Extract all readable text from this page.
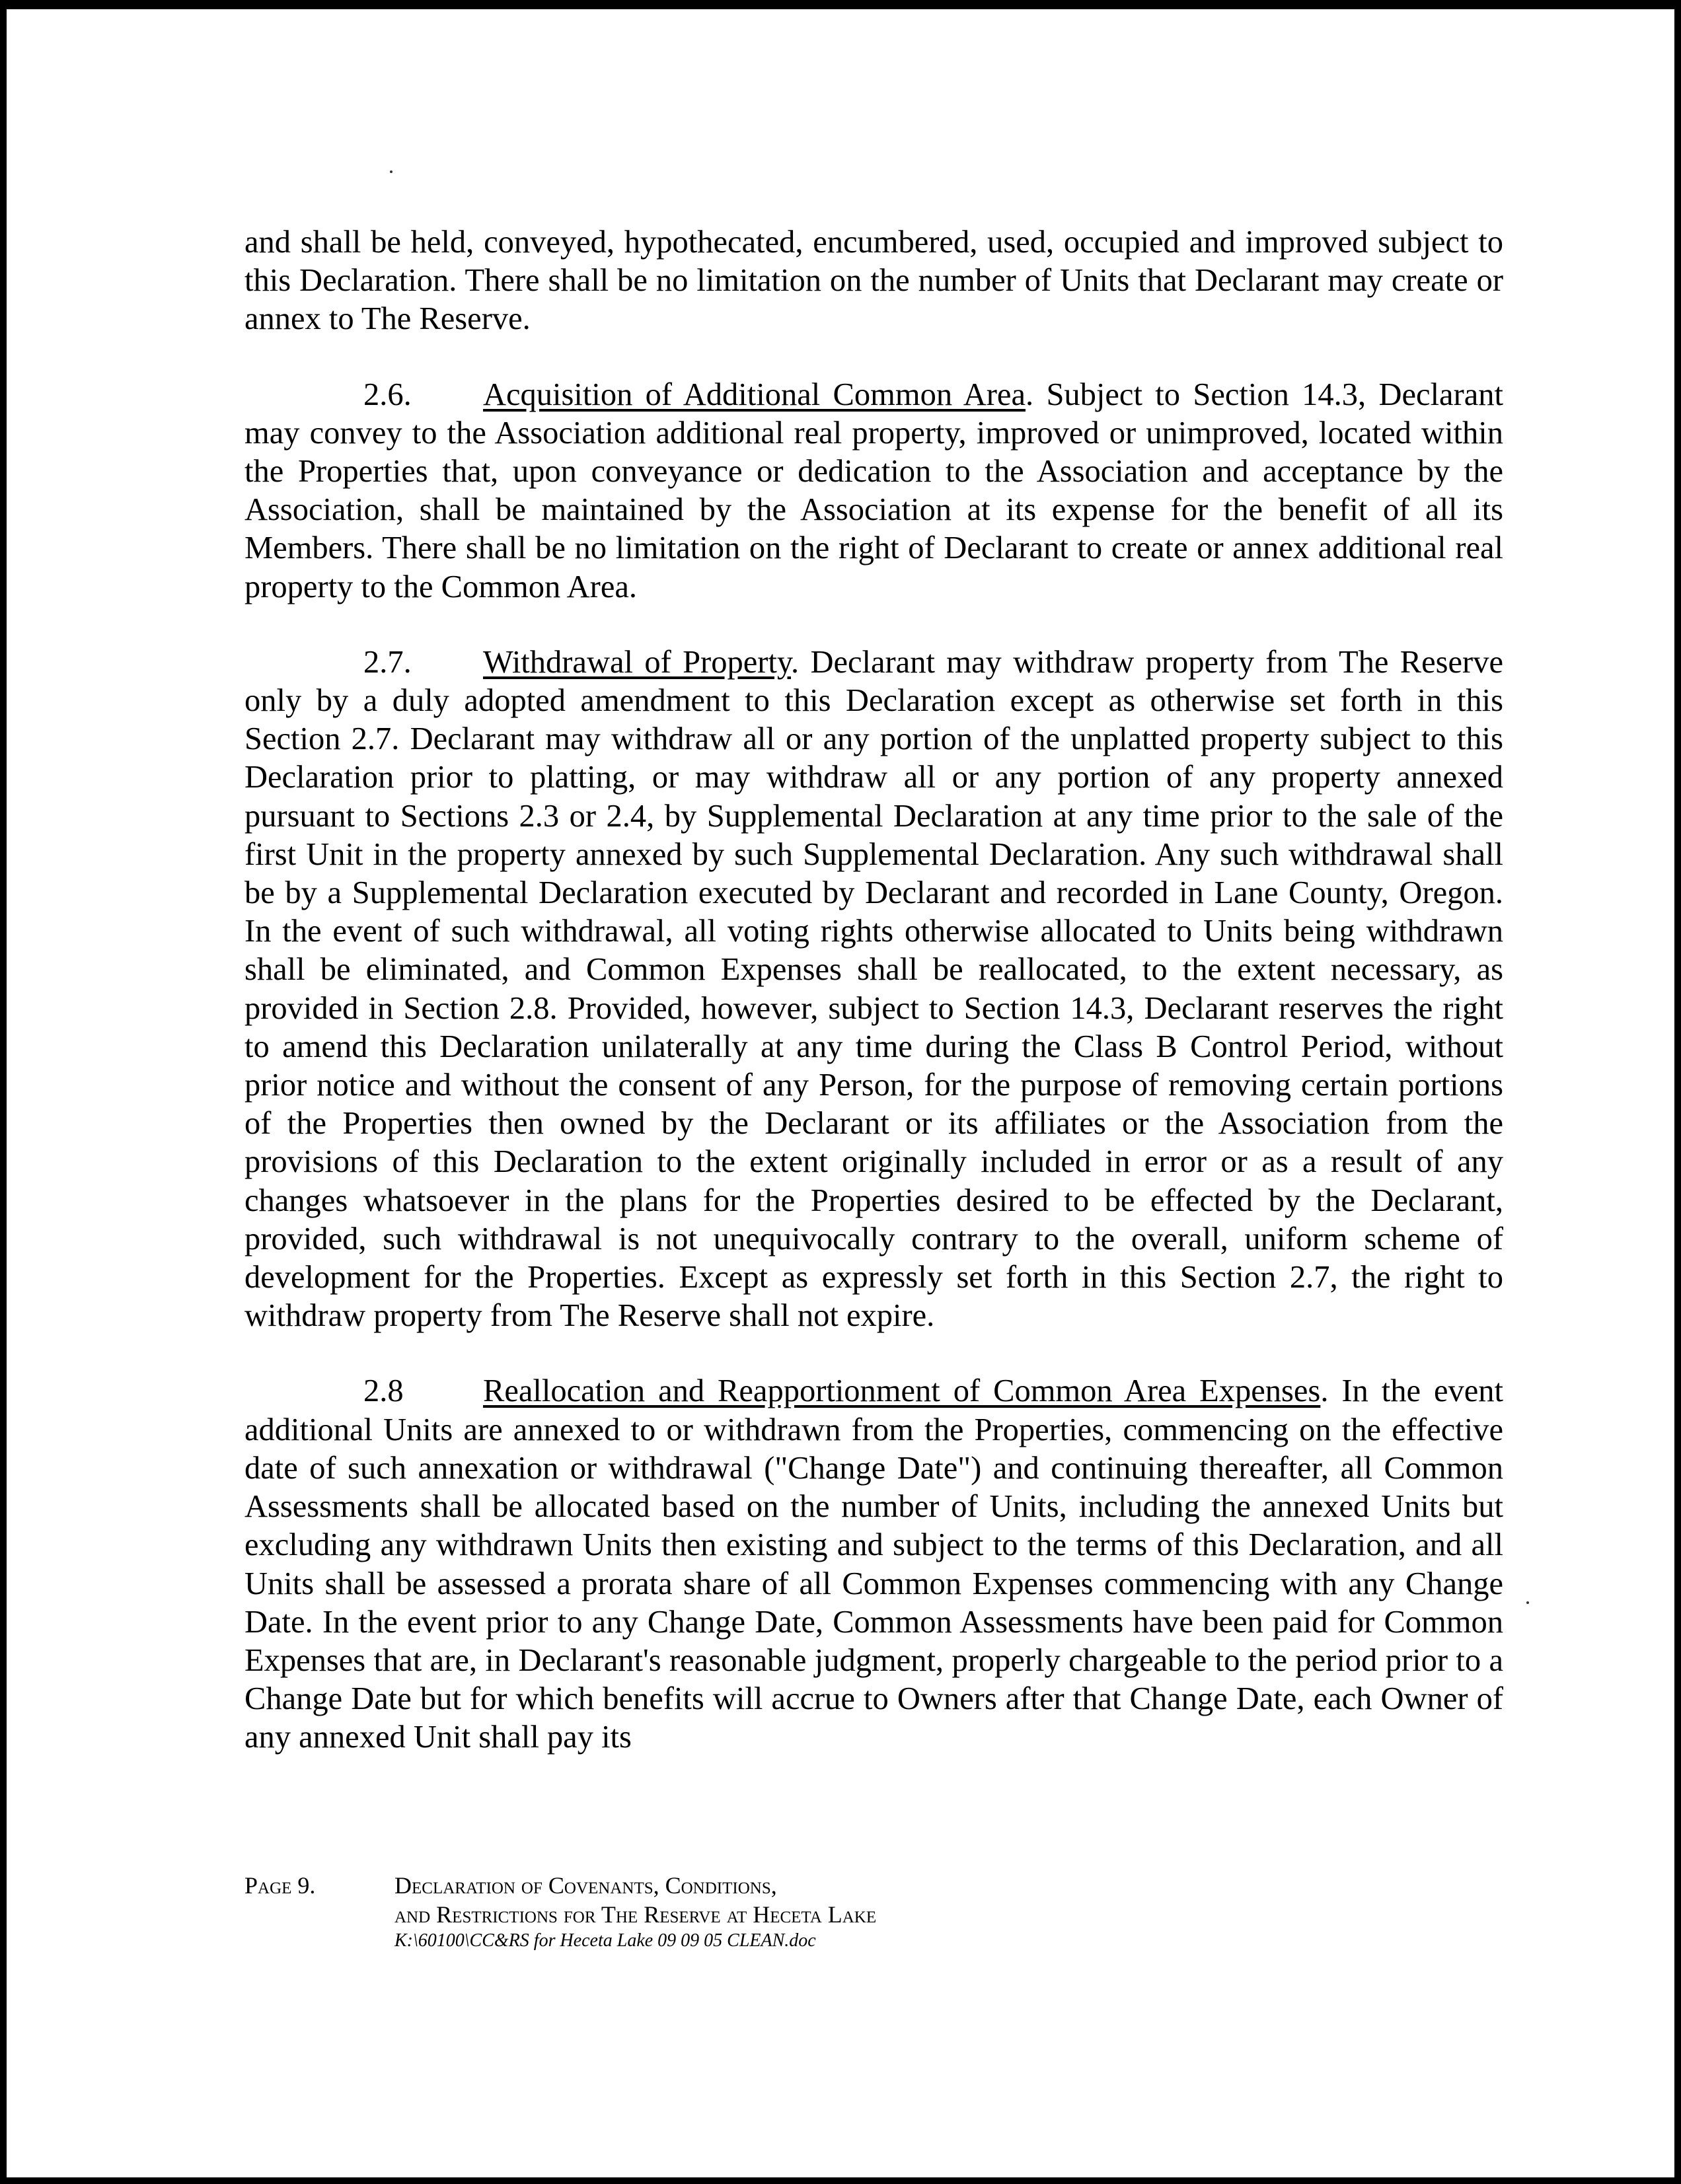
and shall be held, conveyed, hypothecated, encumbered, used, occupied and improved subject to this Declaration. There shall be no limitation on the number of Units that Declarant may create or annex to The Reserve.

2.6. Acquisition of Additional Common Area. Subject to Section 14.3, Declarant may convey to the Association additional real property, improved or unimproved, located within the Properties that, upon conveyance or dedication to the Association and acceptance by the Association, shall be maintained by the Association at its expense for the benefit of all its Members. There shall be no limitation on the right of Declarant to create or annex additional real property to the Common Area.

2.7. Withdrawal of Property. Declarant may withdraw property from The Reserve only by a duly adopted amendment to this Declaration except as otherwise set forth in this Section 2.7. Declarant may withdraw all or any portion of the unplatted property subject to this Declaration prior to platting, or may withdraw all or any portion of any property annexed pursuant to Sections 2.3 or 2.4, by Supplemental Declaration at any time prior to the sale of the first Unit in the property annexed by such Supplemental Declaration. Any such withdrawal shall be by a Supplemental Declaration executed by Declarant and recorded in Lane County, Oregon. In the event of such withdrawal, all voting rights otherwise allocated to Units being withdrawn shall be eliminated, and Common Expenses shall be reallocated, to the extent necessary, as provided in Section 2.8. Provided, however, subject to Section 14.3, Declarant reserves the right to amend this Declaration unilaterally at any time during the Class B Control Period, without prior notice and without the consent of any Person, for the purpose of removing certain portions of the Properties then owned by the Declarant or its affiliates or the Association from the provisions of this Declaration to the extent originally included in error or as a result of any changes whatsoever in the plans for the Properties desired to be effected by the Declarant, provided, such withdrawal is not unequivocally contrary to the overall, uniform scheme of development for the Properties. Except as expressly set forth in this Section 2.7, the right to withdraw property from The Reserve shall not expire.

2.8 Reallocation and Reapportionment of Common Area Expenses. In the event additional Units are annexed to or withdrawn from the Properties, commencing on the effective date of such annexation or withdrawal ("Change Date") and continuing thereafter, all Common Assessments shall be allocated based on the number of Units, including the annexed Units but excluding any withdrawn Units then existing and subject to the terms of this Declaration, and all Units shall be assessed a prorata share of all Common Expenses commencing with any Change Date. In the event prior to any Change Date, Common Assessments have been paid for Common Expenses that are, in Declarant's reasonable judgment, properly chargeable to the period prior to a Change Date but for which benefits will accrue to Owners after that Change Date, each Owner of any annexed Unit shall pay its

Page 9.	Declaration of Covenants, Conditions,
and Restrictions for The Reserve at Heceta Lake
K:\60100\CC&RS for Heceta Lake 09 09 05 CLEAN.doc
